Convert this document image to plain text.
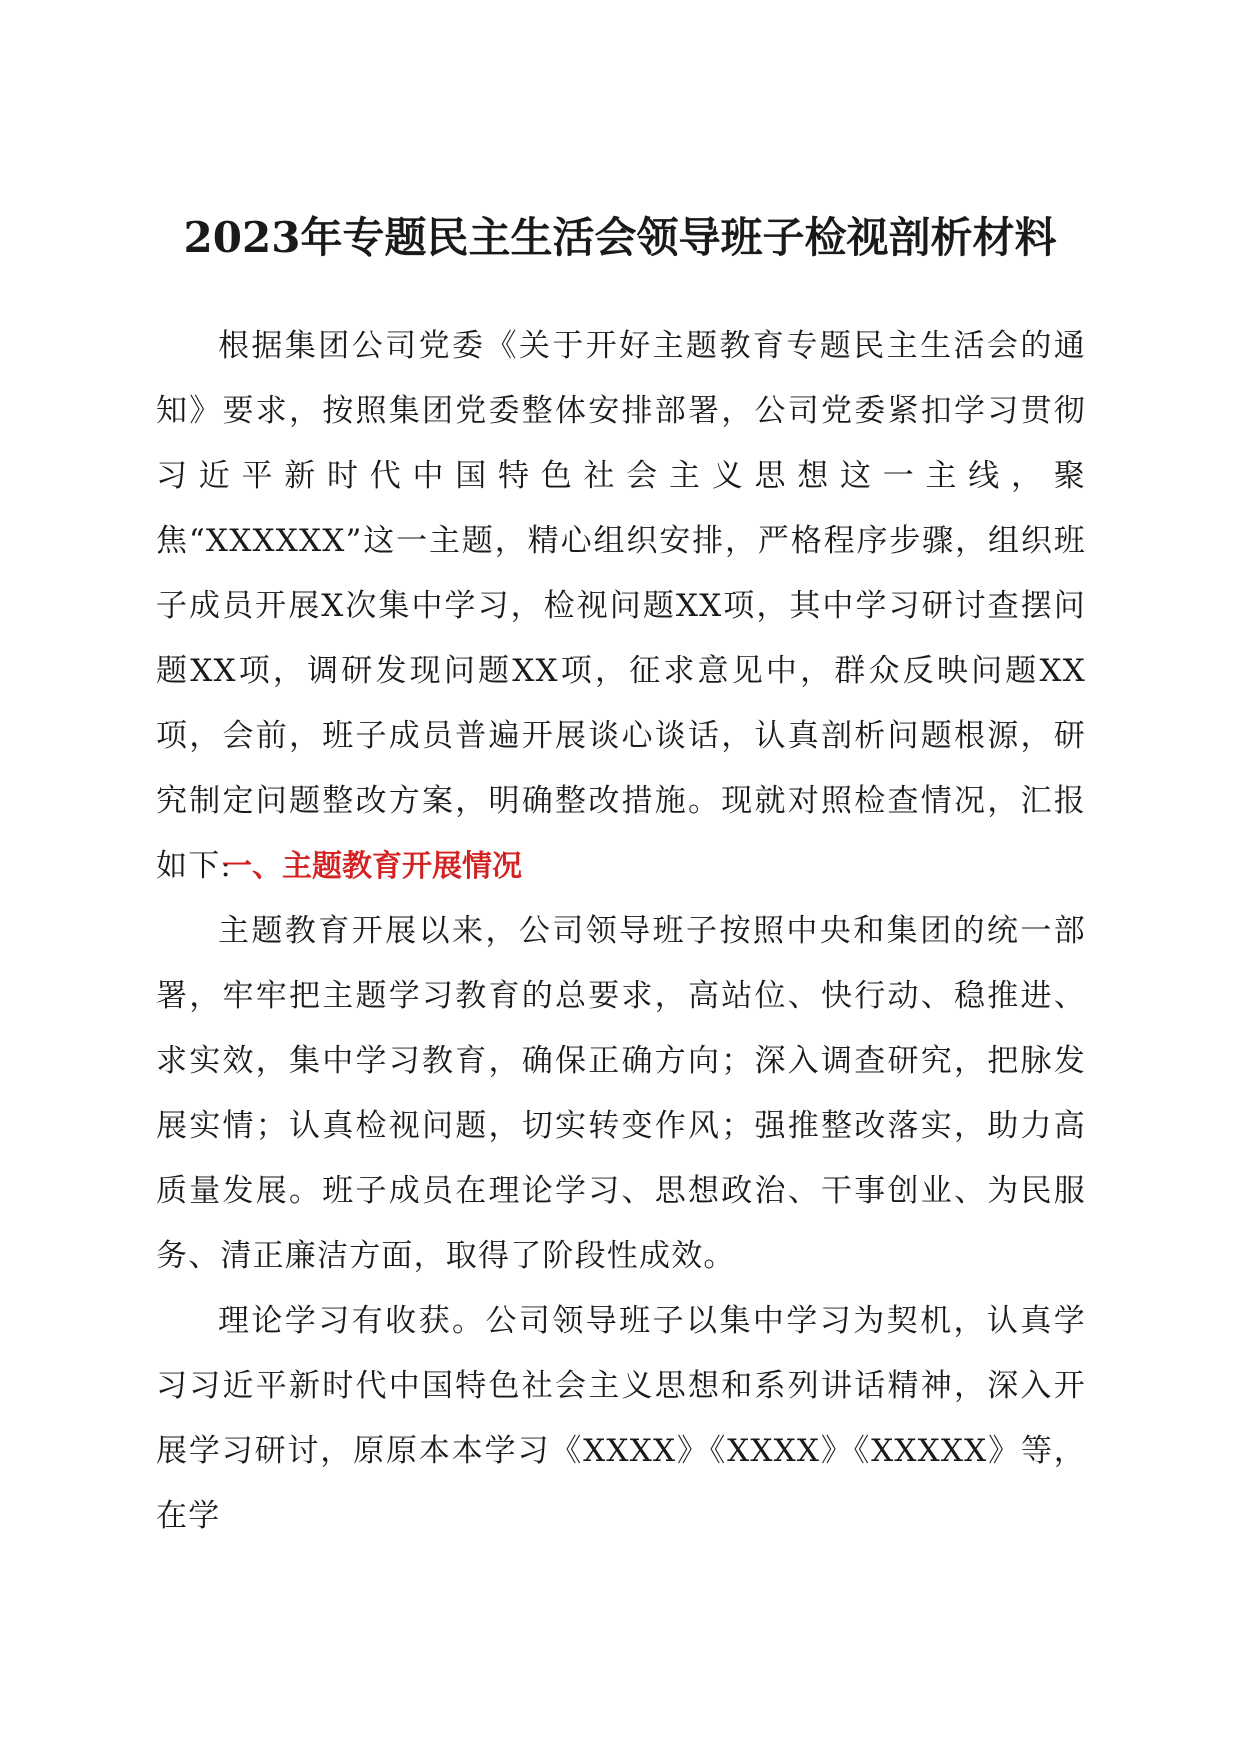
2023年专题民主生活会领导班子检视剖析材料

根据集团公司党委《关于开好主题教育专题民主生活会的通知》要求，按照集团党委整体安排部署，公司党委紧扣学习贯彻习近平新时代中国特色社会主义思想这一主线，聚焦“XXXXXX”这一主题，精心组织安排，严格程序步骤，组织班子成员开展X次集中学习，检视问题XX项，其中学习研讨查摆问题XX项，调研发现问题XX项，征求意见中，群众反映问题XX项，会前，班子成员普遍开展谈心谈话，认真剖析问题根源，研究制定问题整改方案，明确整改措施。现就对照检查情况，汇报如下:

一、主题教育开展情况

主题教育开展以来，公司领导班子按照中央和集团的统一部署，牢牢把主题学习教育的总要求，高站位、快行动、稳推进、求实效，集中学习教育，确保正确方向；深入调查研究，把脉发展实情；认真检视问题，切实转变作风；强推整改落实，助力高质量发展。班子成员在理论学习、思想政治、干事创业、为民服务、清正廉洁方面，取得了阶段性成效。

理论学习有收获。公司领导班子以集中学习为契机，认真学习习近平新时代中国特色社会主义思想和系列讲话精神，深入开展学习研讨，原原本本学习《XXXX》《XXXX》《XXXXX》等，在学
